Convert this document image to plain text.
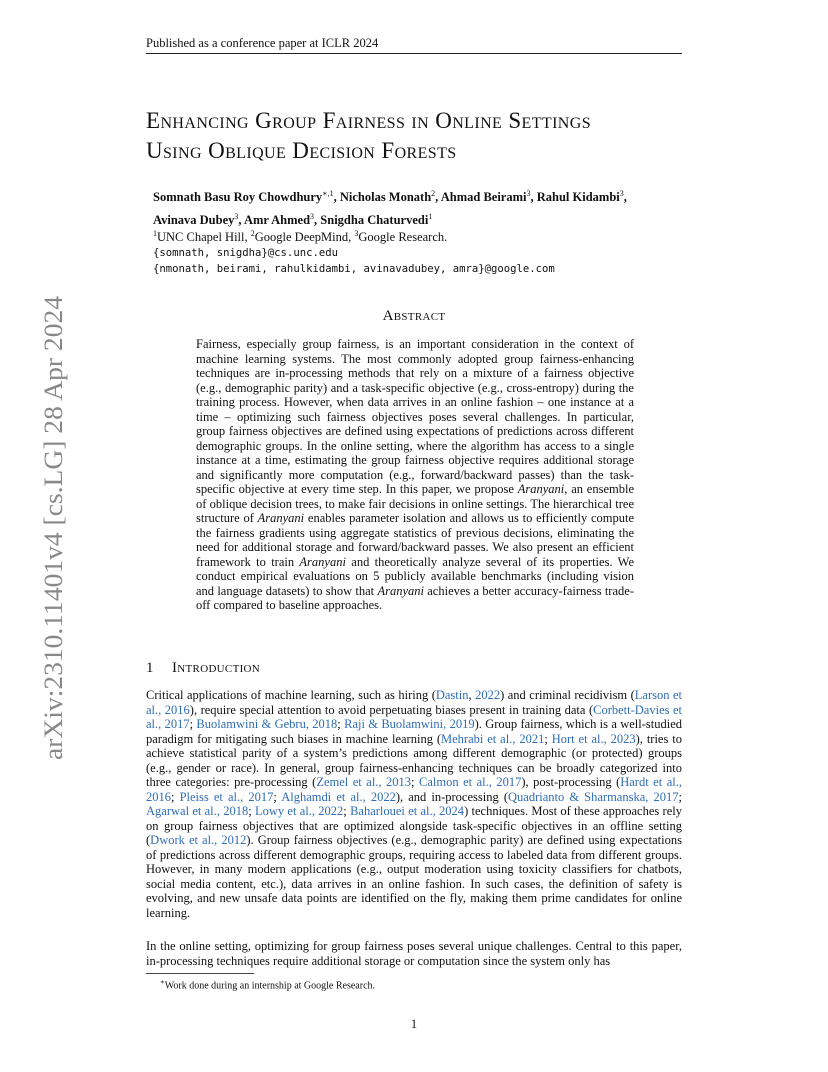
Published as a conference paper at ICLR 2024
arXiv:2310.11401v4 [cs.LG] 28 Apr 2024
Enhancing Group Fairness in Online Settings
Using Oblique Decision Forests
Somnath Basu Roy Chowdhury$^{∗,1}$, Nicholas Monath$^2$, Ahmad Beirami$^3$, Rahul Kidambi$^3$,
Avinava Dubey$^3$, Amr Ahmed$^3$, Snigdha Chaturvedi$^1$
$^1$UNC Chapel Hill, $^2$Google DeepMind, $^3$Google Research.
{somnath, snigdha}@cs.unc.edu
{nmonath, beirami, rahulkidambi, avinavadubey, amra}@google.com
Abstract

Fairness, especially group fairness, is an important consideration in the context of machine learning systems. The most commonly adopted group fairness-enhancing techniques are in-processing methods that rely on a mixture of a fairness objective (e.g., demographic parity) and a task-specific objective (e.g., cross-entropy) during the training process. However, when data arrives in an online fashion – one instance at a time – optimizing such fairness objectives poses several challenges. In particular, group fairness objectives are defined using expectations of predictions across different demographic groups. In the online setting, where the algorithm has access to a single instance at a time, estimating the group fairness objective requires additional storage and significantly more computation (e.g., forward/backward passes) than the task-specific objective at every time step. In this paper, we propose Aranyani, an ensemble of oblique decision trees, to make fair decisions in online settings. The hierarchical tree structure of Aranyani enables parameter isolation and allows us to efficiently compute the fairness gradients using aggregate statistics of previous decisions, eliminating the need for additional storage and forward/backward passes. We also present an efficient framework to train Aranyani and theoretically analyze several of its properties. We conduct empirical evaluations on 5 publicly available benchmarks (including vision and language datasets) to show that Aranyani achieves a better accuracy-fairness trade-off compared to baseline approaches.

1 Introduction

Critical applications of machine learning, such as hiring (Dastin, 2022) and criminal recidivism (Larson et al., 2016), require special attention to avoid perpetuating biases present in training data (Corbett-Davies et al., 2017; Buolamwini & Gebru, 2018; Raji & Buolamwini, 2019). Group fairness, which is a well-studied paradigm for mitigating such biases in machine learning (Mehrabi et al., 2021; Hort et al., 2023), tries to achieve statistical parity of a system’s predictions among different demographic (or protected) groups (e.g., gender or race). In general, group fairness-enhancing techniques can be broadly categorized into three categories: pre-processing (Zemel et al., 2013; Calmon et al., 2017), post-processing (Hardt et al., 2016; Pleiss et al., 2017; Alghamdi et al., 2022), and in-processing (Quadrianto & Sharmanska, 2017; Agarwal et al., 2018; Lowy et al., 2022; Baharlouei et al., 2024) techniques. Most of these approaches rely on group fairness objectives that are optimized alongside task-specific objectives in an offline setting (Dwork et al., 2012). Group fairness objectives (e.g., demographic parity) are defined using expectations of predictions across different demographic groups, requiring access to labeled data from different groups. However, in many modern applications (e.g., output moderation using toxicity classifiers for chatbots, social media content, etc.), data arrives in an online fashion. In such cases, the definition of safety is evolving, and new unsafe data points are identified on the fly, making them prime candidates for online learning.

In the online setting, optimizing for group fairness poses several unique challenges. Central to this paper, in-processing techniques require additional storage or computation since the system only has

∗Work done during an internship at Google Research.
1
